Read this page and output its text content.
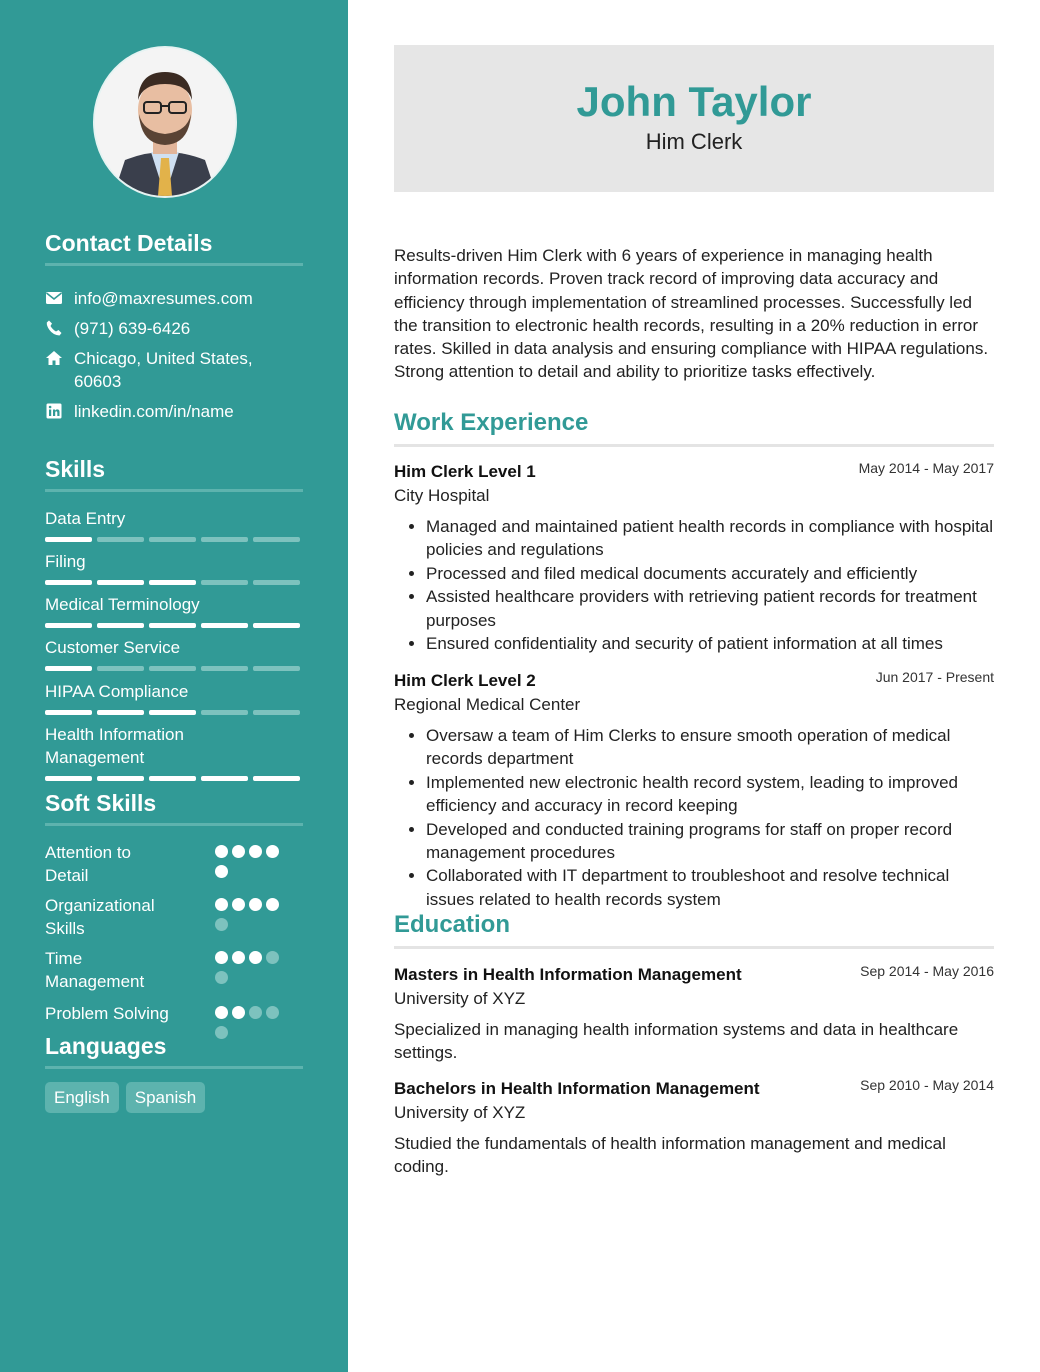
Contact Details
info@maxresumes.com
(971) 639-6426
Chicago, United States, 60603
linkedin.com/in/name
Skills
Data Entry
Filing
Medical Terminology
Customer Service
HIPAA Compliance
Health Information Management
Soft Skills
Attention to Detail
Organizational Skills
Time Management
Problem Solving
Languages
English	Spanish
John Taylor
Him Clerk
Results-driven Him Clerk with 6 years of experience in managing health information records. Proven track record of improving data accuracy and efficiency through implementation of streamlined processes. Successfully led the transition to electronic health records, resulting in a 20% reduction in error rates. Skilled in data analysis and ensuring compliance with HIPAA regulations. Strong attention to detail and ability to prioritize tasks effectively.
Work Experience
Him Clerk Level 1	May 2014 - May 2017
City Hospital
• Managed and maintained patient health records in compliance with hospital policies and regulations
• Processed and filed medical documents accurately and efficiently
• Assisted healthcare providers with retrieving patient records for treatment purposes
• Ensured confidentiality and security of patient information at all times
Him Clerk Level 2	Jun 2017 - Present
Regional Medical Center
• Oversaw a team of Him Clerks to ensure smooth operation of medical records department
• Implemented new electronic health record system, leading to improved efficiency and accuracy in record keeping
• Developed and conducted training programs for staff on proper record management procedures
• Collaborated with IT department to troubleshoot and resolve technical issues related to health records system
Education
Masters in Health Information Management	Sep 2014 - May 2016
University of XYZ
Specialized in managing health information systems and data in healthcare settings.
Bachelors in Health Information Management	Sep 2010 - May 2014
University of XYZ
Studied the fundamentals of health information management and medical coding.
